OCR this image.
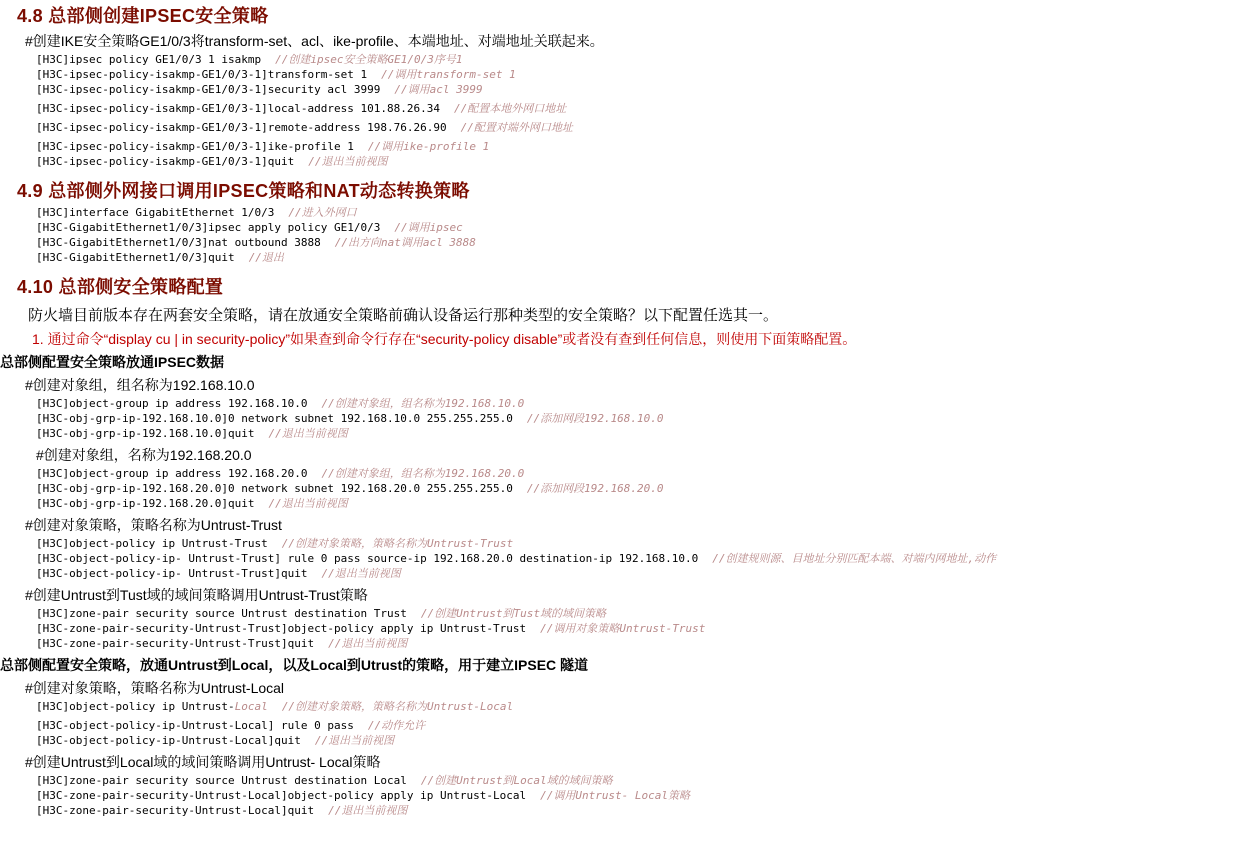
4.8 总部侧创建IPSEC安全策略
#创建IKE安全策略GE1/0/3将transform-set、acl、ike-profile、本端地址、对端地址关联起来。
[H3C]ipsec policy GE1/0/3 1 isakmp //创建ipsec安全策略GE1/0/3序号1
[H3C-ipsec-policy-isakmp-GE1/0/3-1]transform-set 1 //调用transform-set 1
[H3C-ipsec-policy-isakmp-GE1/0/3-1]security acl 3999 //调用acl 3999
[H3C-ipsec-policy-isakmp-GE1/0/3-1]local-address 101.88.26.34 //配置本地外网口地址
[H3C-ipsec-policy-isakmp-GE1/0/3-1]remote-address 198.76.26.90 //配置对端外网口地址
[H3C-ipsec-policy-isakmp-GE1/0/3-1]ike-profile 1 //调用ike-profile 1
[H3C-ipsec-policy-isakmp-GE1/0/3-1]quit //退出当前视图
4.9 总部侧外网接口调用IPSEC策略和NAT动态转换策略
[H3C]interface GigabitEthernet 1/0/3 //进入外网口
[H3C-GigabitEthernet1/0/3]ipsec apply policy GE1/0/3 //调用ipsec
[H3C-GigabitEthernet1/0/3]nat outbound 3888 //出方向nat调用acl 3888
[H3C-GigabitEthernet1/0/3]quit //退出
4.10 总部侧安全策略配置
防火墙目前版本存在两套安全策略，请在放通安全策略前确认设备运行那种类型的安全策略？以下配置任选其一。
1. 通过命令“display cu | in security-policy”如果查到命令行存在“security-policy disable”或者没有查到任何信息，则使用下面策略配置。
总部侧配置安全策略放通IPSEC数据
#创建对象组，组名称为192.168.10.0
[H3C]object-group ip address 192.168.10.0 //创建对象组，组名称为192.168.10.0
[H3C-obj-grp-ip-192.168.10.0]0 network subnet 192.168.10.0 255.255.255.0 //添加网段192.168.10.0
[H3C-obj-grp-ip-192.168.10.0]quit //退出当前视图
#创建对象组，名称为192.168.20.0
[H3C]object-group ip address 192.168.20.0 //创建对象组，组名称为192.168.20.0
[H3C-obj-grp-ip-192.168.20.0]0 network subnet 192.168.20.0 255.255.255.0 //添加网段192.168.20.0
[H3C-obj-grp-ip-192.168.20.0]quit //退出当前视图
#创建对象策略，策略名称为Untrust-Trust
[H3C]object-policy ip Untrust-Trust //创建对象策略，策略名称为Untrust-Trust
[H3C-object-policy-ip- Untrust-Trust] rule 0 pass source-ip 192.168.20.0 destination-ip 192.168.10.0 //创建规则源、目地址分别匹配本端、对端内网地址,动作
[H3C-object-policy-ip- Untrust-Trust]quit //退出当前视图
#创建Untrust到Tust域的域间策略调用Untrust-Trust策略
[H3C]zone-pair security source Untrust destination Trust //创建Untrust到Tust域的域间策略
[H3C-zone-pair-security-Untrust-Trust]object-policy apply ip Untrust-Trust //调用对象策略Untrust-Trust
[H3C-zone-pair-security-Untrust-Trust]quit //退出当前视图
总部侧配置安全策略，放通Untrust到Local，以及Local到Utrust的策略，用于建立IPSEC 隧道
#创建对象策略，策略名称为Untrust-Local
[H3C]object-policy ip Untrust-Local //创建对象策略，策略名称为Untrust-Local
[H3C-object-policy-ip-Untrust-Local] rule 0 pass //动作允许
[H3C-object-policy-ip-Untrust-Local]quit //退出当前视图
#创建Untrust到Local域的域间策略调用Untrust- Local策略
[H3C]zone-pair security source Untrust destination Local //创建Untrust到Local域的域间策略
[H3C-zone-pair-security-Untrust-Local]object-policy apply ip Untrust-Local //调用Untrust- Local策略
[H3C-zone-pair-security-Untrust-Local]quit //退出当前视图
